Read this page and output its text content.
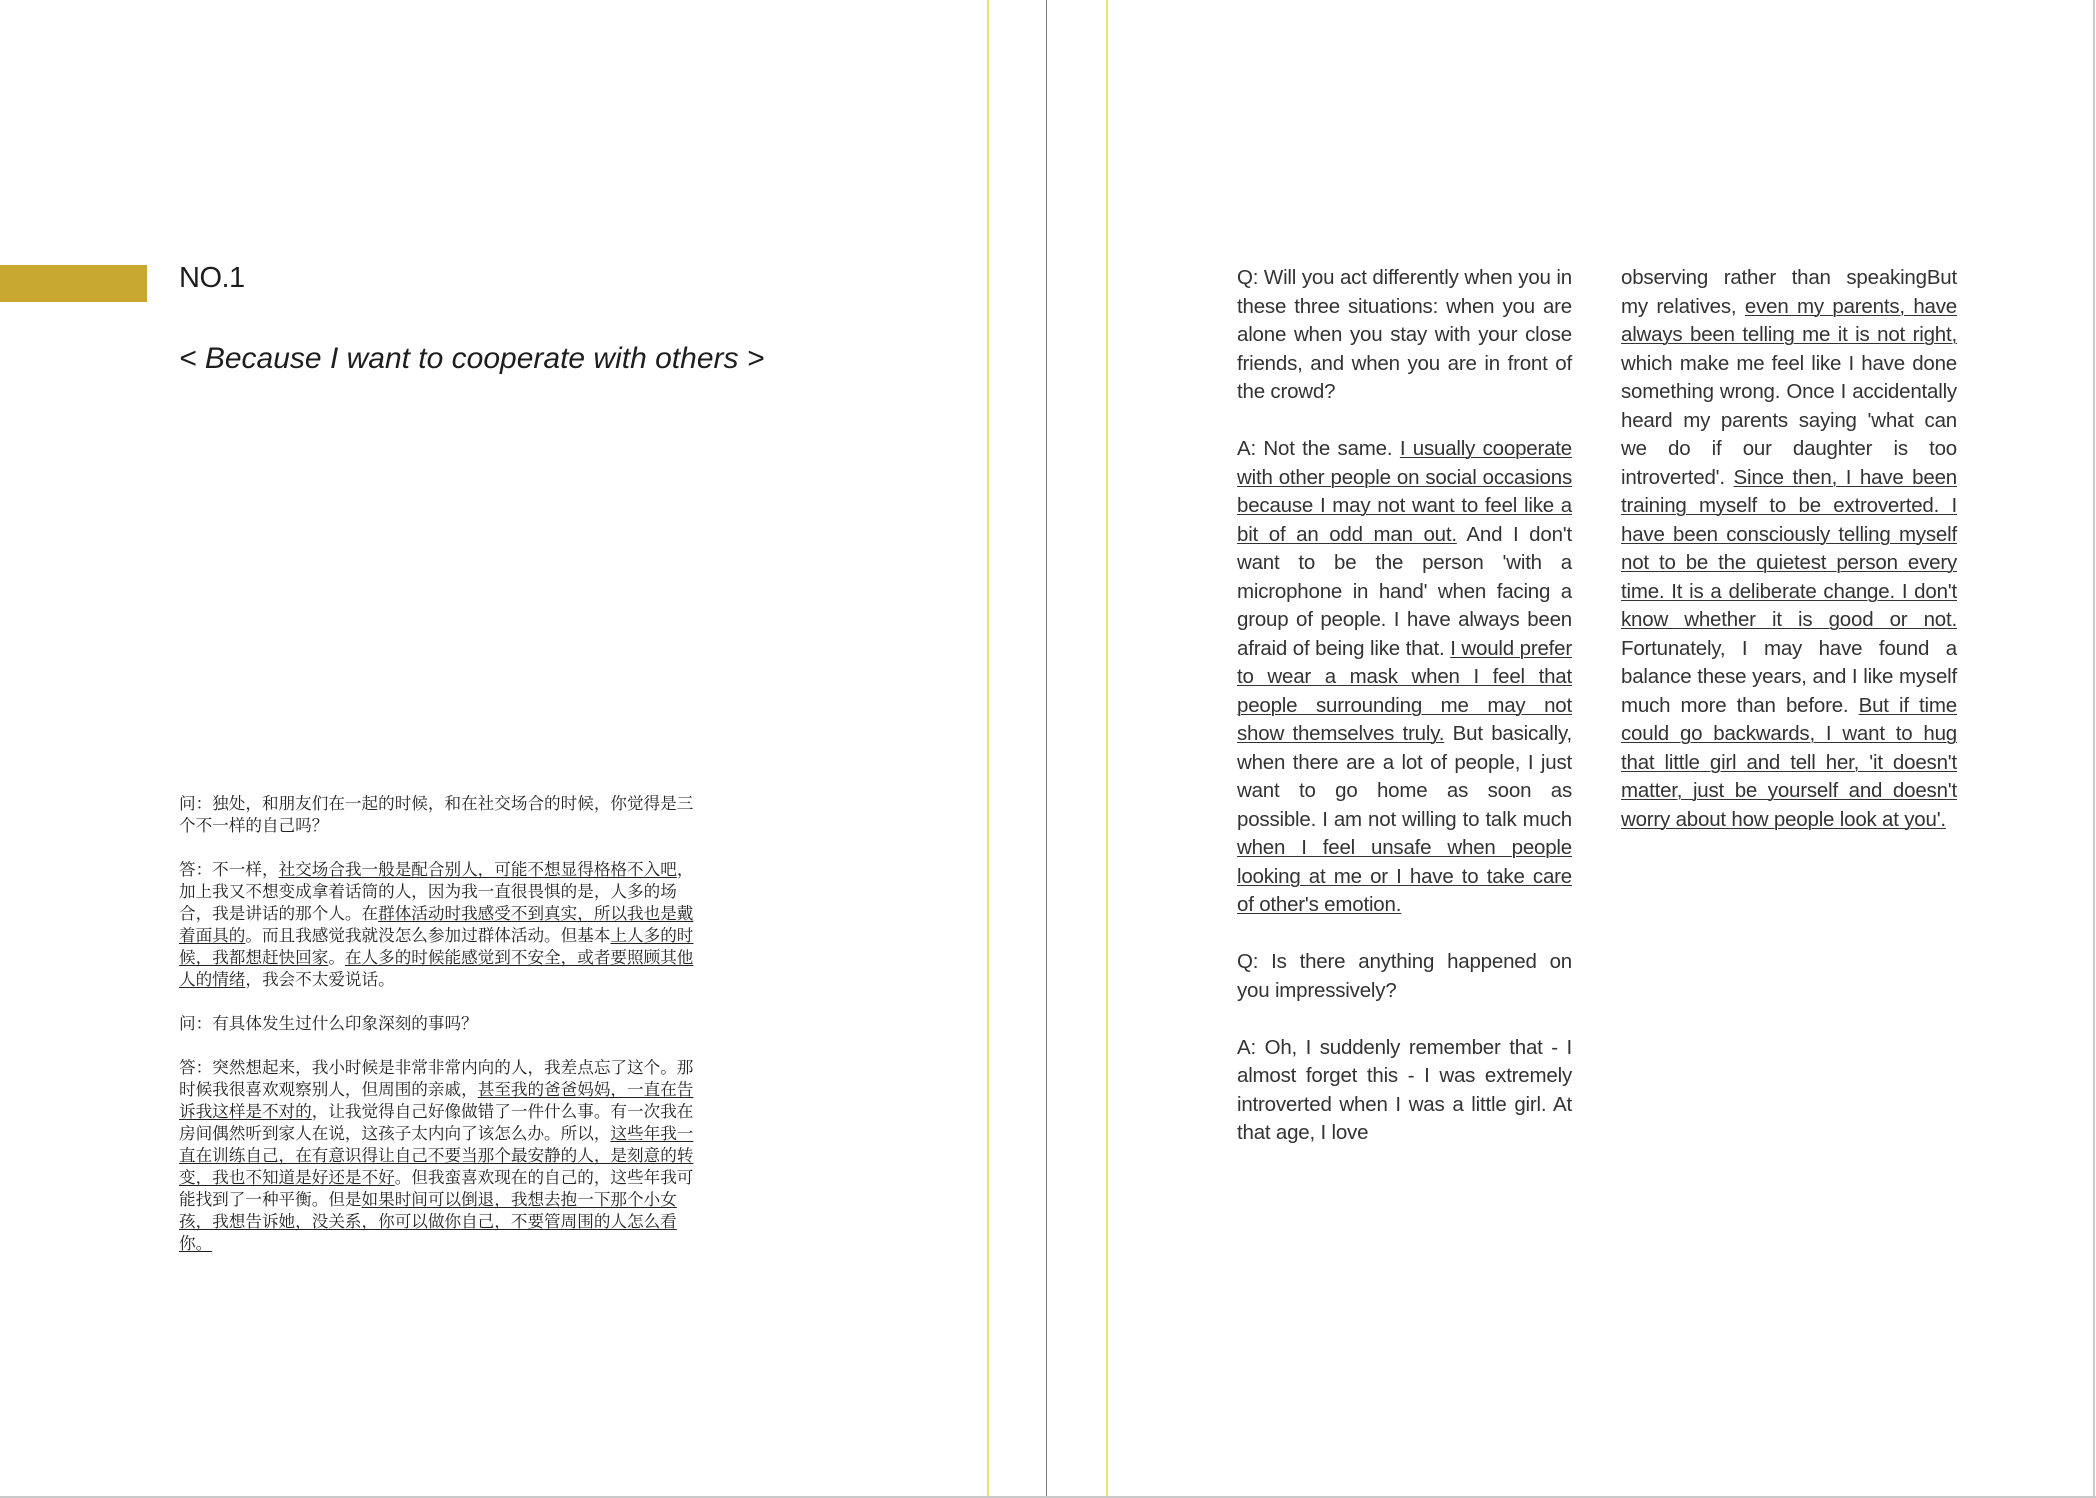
NO.1
< Because I want to cooperate with others >

问：独处，和朋友们在一起的时候，和在社交场合的时候，你觉得是三个不一样的自己吗？

答：不一样，社交场合我一般是配合别人，可能不想显得格格不入吧，加上我又不想变成拿着话筒的人，因为我一直很畏惧的是，人多的场合，我是讲话的那个人。在群体活动时我感受不到真实，所以我也是戴着面具的。而且我感觉我就没怎么参加过群体活动。但基本上人多的时候，我都想赶快回家。在人多的时候能感觉到不安全，或者要照顾其他人的情绪，我会不太爱说话。

问：有具体发生过什么印象深刻的事吗？

答：突然想起来，我小时候是非常非常内向的人，我差点忘了这个。那时候我很喜欢观察别人，但周围的亲戚，甚至我的爸爸妈妈，一直在告诉我这样是不对的，让我觉得自己好像做错了一件什么事。有一次我在房间偶然听到家人在说，这孩子太内向了该怎么办。所以，这些年我一直在训练自己，在有意识得让自己不要当那个最安静的人，是刻意的转变，我也不知道是好还是不好。但我蛮喜欢现在的自己的，这些年我可能找到了一种平衡。但是如果时间可以倒退，我想去抱一下那个小女孩，我想告诉她，没关系，你可以做你自己，不要管周围的人怎么看你。

Q: Will you act differently when you in these three situations: when you are alone when you stay with your close friends, and when you are in front of the crowd?

A: Not the same. I usually cooperate with other people on social occasions because I may not want to feel like a bit of an odd man out. And I don't want to be the person 'with a microphone in hand' when facing a group of people. I have always been afraid of being like that. I would prefer to wear a mask when I feel that people surrounding me may not show themselves truly. But basically, when there are a lot of people, I just want to go home as soon as possible. I am not willing to talk much when I feel unsafe when people looking at me or I have to take care of other's emotion.

Q: Is there anything happened on you impressively?

A: Oh, I suddenly remember that - I almost forget this - I was extremely introverted when I was a little girl. At that age, I love

observing rather than speakingBut my relatives, even my parents, have always been telling me it is not right, which make me feel like I have done something wrong. Once I accidentally heard my parents saying 'what can we do if our daughter is too introverted'. Since then, I have been training myself to be extroverted. I have been consciously telling myself not to be the quietest person every time. It is a deliberate change. I don't know whether it is good or not. Fortunately, I may have found a balance these years, and I like myself much more than before. But if time could go backwards, I want to hug that little girl and tell her, 'it doesn't matter, just be yourself and doesn't worry about how people look at you'.
